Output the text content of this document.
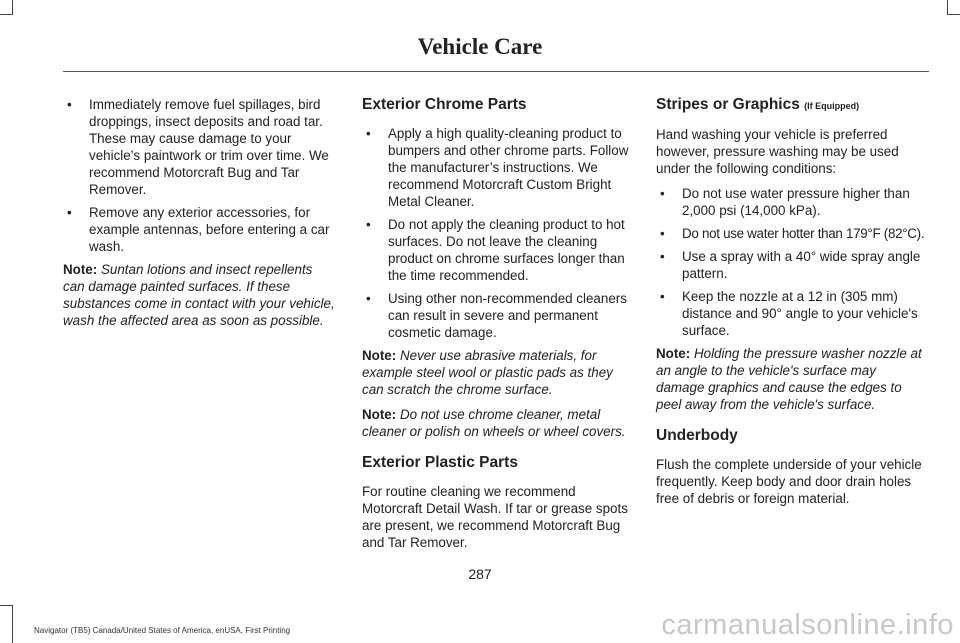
Vehicle Care
• Immediately remove fuel spillages, bird droppings, insect deposits and road tar. These may cause damage to your vehicle’s paintwork or trim over time. We recommend Motorcraft Bug and Tar Remover.
• Remove any exterior accessories, for example antennas, before entering a car wash.

Note: Suntan lotions and insect repellents can damage painted surfaces. If these substances come in contact with your vehicle, wash the affected area as soon as possible.

Exterior Chrome Parts
• Apply a high quality-cleaning product to bumpers and other chrome parts. Follow the manufacturer’s instructions. We recommend Motorcraft Custom Bright Metal Cleaner.
• Do not apply the cleaning product to hot surfaces. Do not leave the cleaning product on chrome surfaces longer than the time recommended.
• Using other non-recommended cleaners can result in severe and permanent cosmetic damage.

Note: Never use abrasive materials, for example steel wool or plastic pads as they can scratch the chrome surface.

Note: Do not use chrome cleaner, metal cleaner or polish on wheels or wheel covers.

Exterior Plastic Parts

For routine cleaning we recommend Motorcraft Detail Wash. If tar or grease spots are present, we recommend Motorcraft Bug and Tar Remover.

Stripes or Graphics (If Equipped)

Hand washing your vehicle is preferred however, pressure washing may be used under the following conditions:

• Do not use water pressure higher than 2,000 psi (14,000 kPa).
• Do not use water hotter than 179°F (82°C).
• Use a spray with a 40° wide spray angle pattern.
• Keep the nozzle at a 12 in (305 mm) distance and 90° angle to your vehicle's surface.

Note: Holding the pressure washer nozzle at an angle to the vehicle's surface may damage graphics and cause the edges to peel away from the vehicle's surface.

Underbody

Flush the complete underside of your vehicle frequently. Keep body and door drain holes free of debris or foreign material.

287
Navigator (TB5) Canada/United States of America, enUSA, First Printing	carmanualsonline.info
